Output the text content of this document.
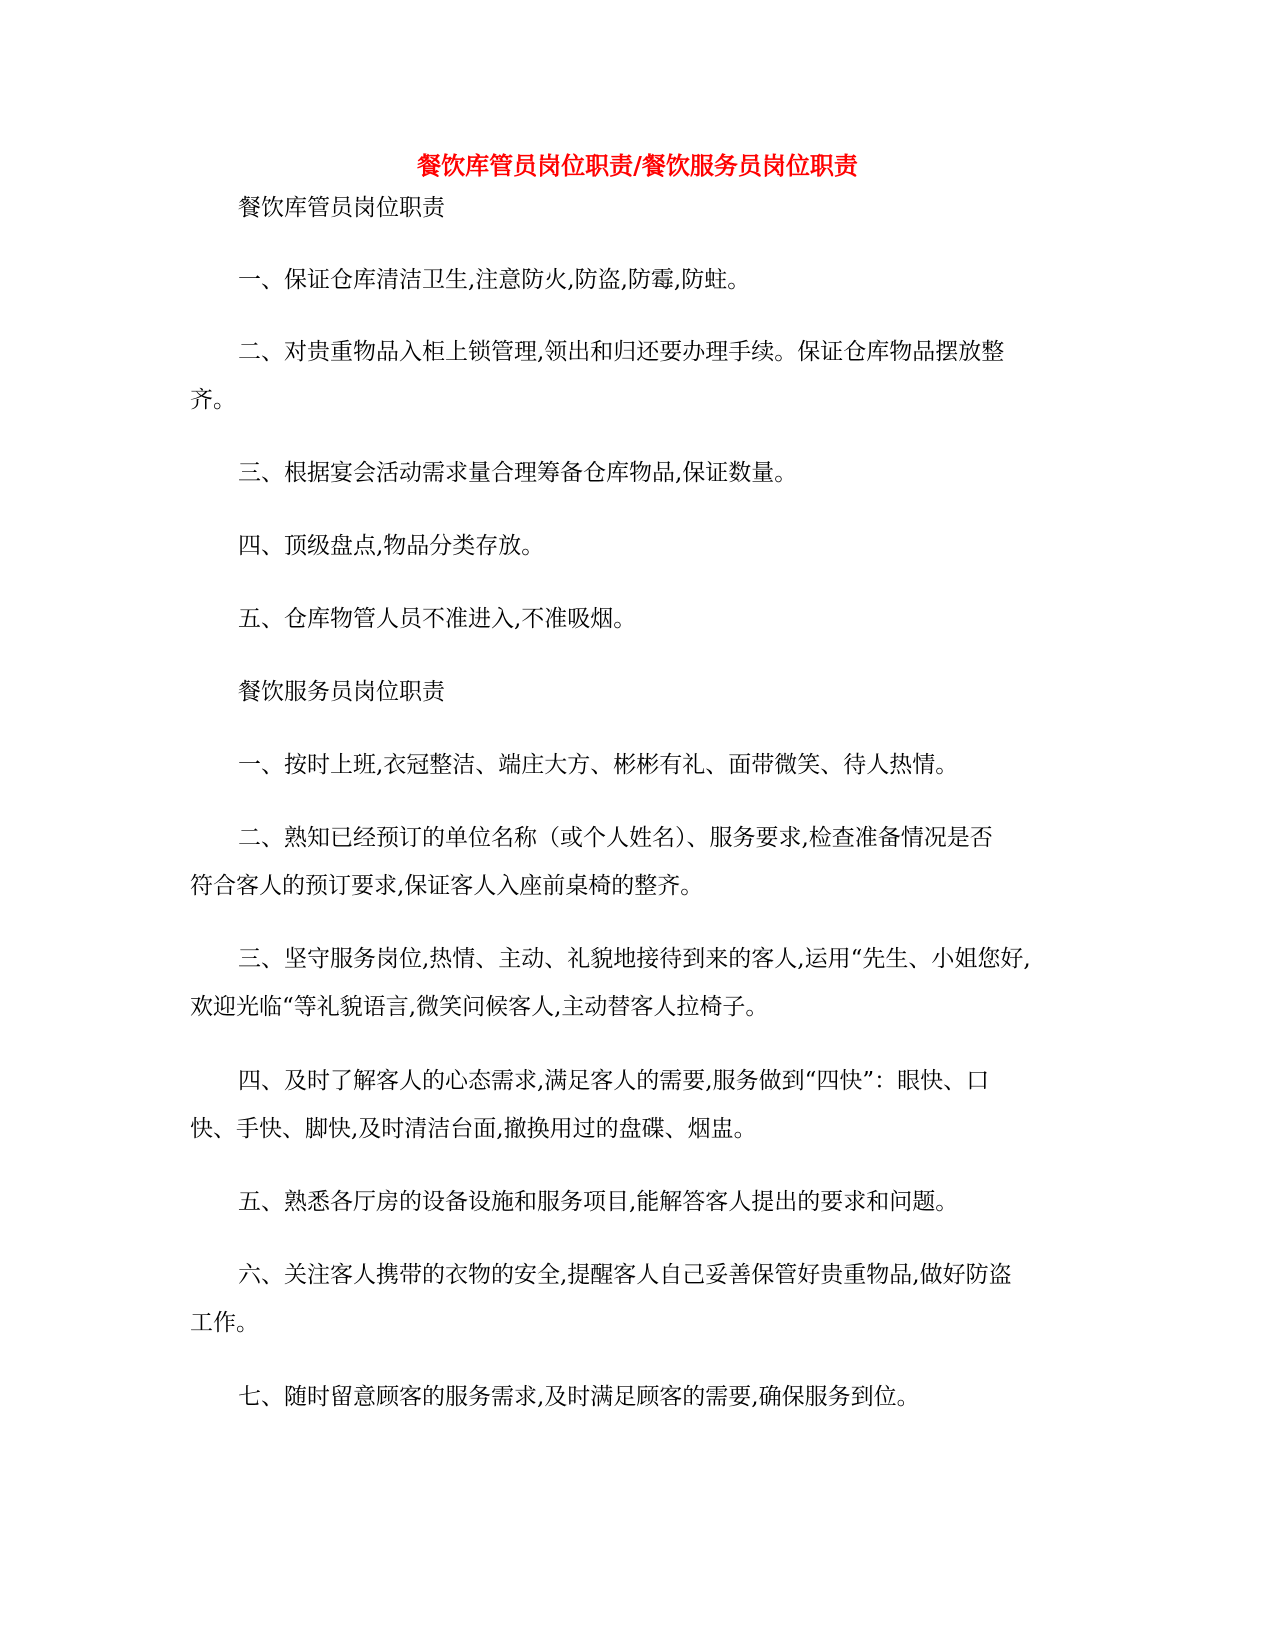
餐饮库管员岗位职责/餐饮服务员岗位职责
餐饮库管员岗位职责
一、保证仓库清洁卫生,注意防火,防盗,防霉,防蛀。
二、对贵重物品入柜上锁管理,领出和归还要办理手续。保证仓库物品摆放整
齐。
三、根据宴会活动需求量合理筹备仓库物品,保证数量。
四、顶级盘点,物品分类存放。
五、仓库物管人员不准进入,不准吸烟。
餐饮服务员岗位职责
一、按时上班,衣冠整洁、端庄大方、彬彬有礼、面带微笑、待人热情。
二、熟知已经预订的单位名称（或个人姓名）、服务要求,检查准备情况是否
符合客人的预订要求,保证客人入座前桌椅的整齐。
三、坚守服务岗位,热情、主动、礼貌地接待到来的客人,运用“先生、小姐您好,
欢迎光临“等礼貌语言,微笑问候客人,主动替客人拉椅子。
四、及时了解客人的心态需求,满足客人的需要,服务做到“四快”：眼快、口
快、手快、脚快,及时清洁台面,撤换用过的盘碟、烟盅。
五、熟悉各厅房的设备设施和服务项目,能解答客人提出的要求和问题。
六、关注客人携带的衣物的安全,提醒客人自己妥善保管好贵重物品,做好防盗
工作。
七、随时留意顾客的服务需求,及时满足顾客的需要,确保服务到位。
